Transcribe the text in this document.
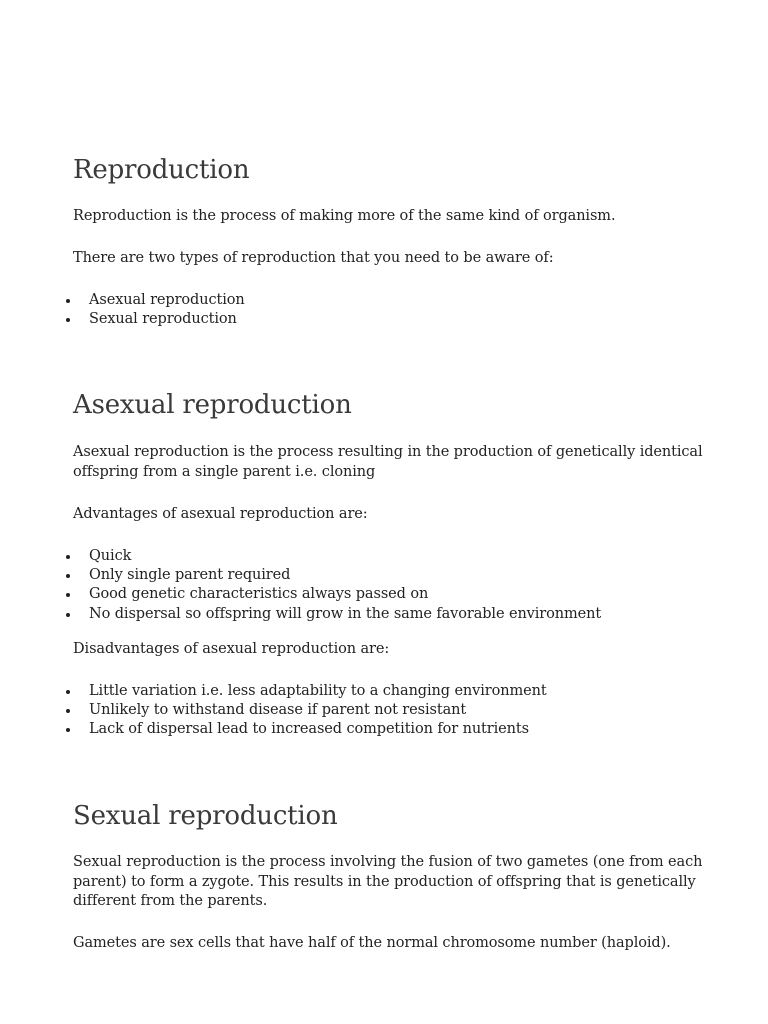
Reproduction

Reproduction is the process of making more of the same kind of organism.

There are two types of reproduction that you need to be aware of:

Asexual reproduction
Sexual reproduction
Asexual reproduction

Asexual reproduction is the process resulting in the production of genetically identical offspring from a single parent i.e. cloning

Advantages of asexual reproduction are:

Quick
Only single parent required
Good genetic characteristics always passed on
No dispersal so offspring will grow in the same favorable environment

Disadvantages of asexual reproduction are:

Little variation i.e. less adaptability to a changing environment
Unlikely to withstand disease if parent not resistant
Lack of dispersal lead to increased competition for nutrients
Sexual reproduction

Sexual reproduction is the process involving the fusion of two gametes (one from each parent) to form a zygote. This results in the production of offspring that is genetically different from the parents.

Gametes are sex cells that have half of the normal chromosome number (haploid).
